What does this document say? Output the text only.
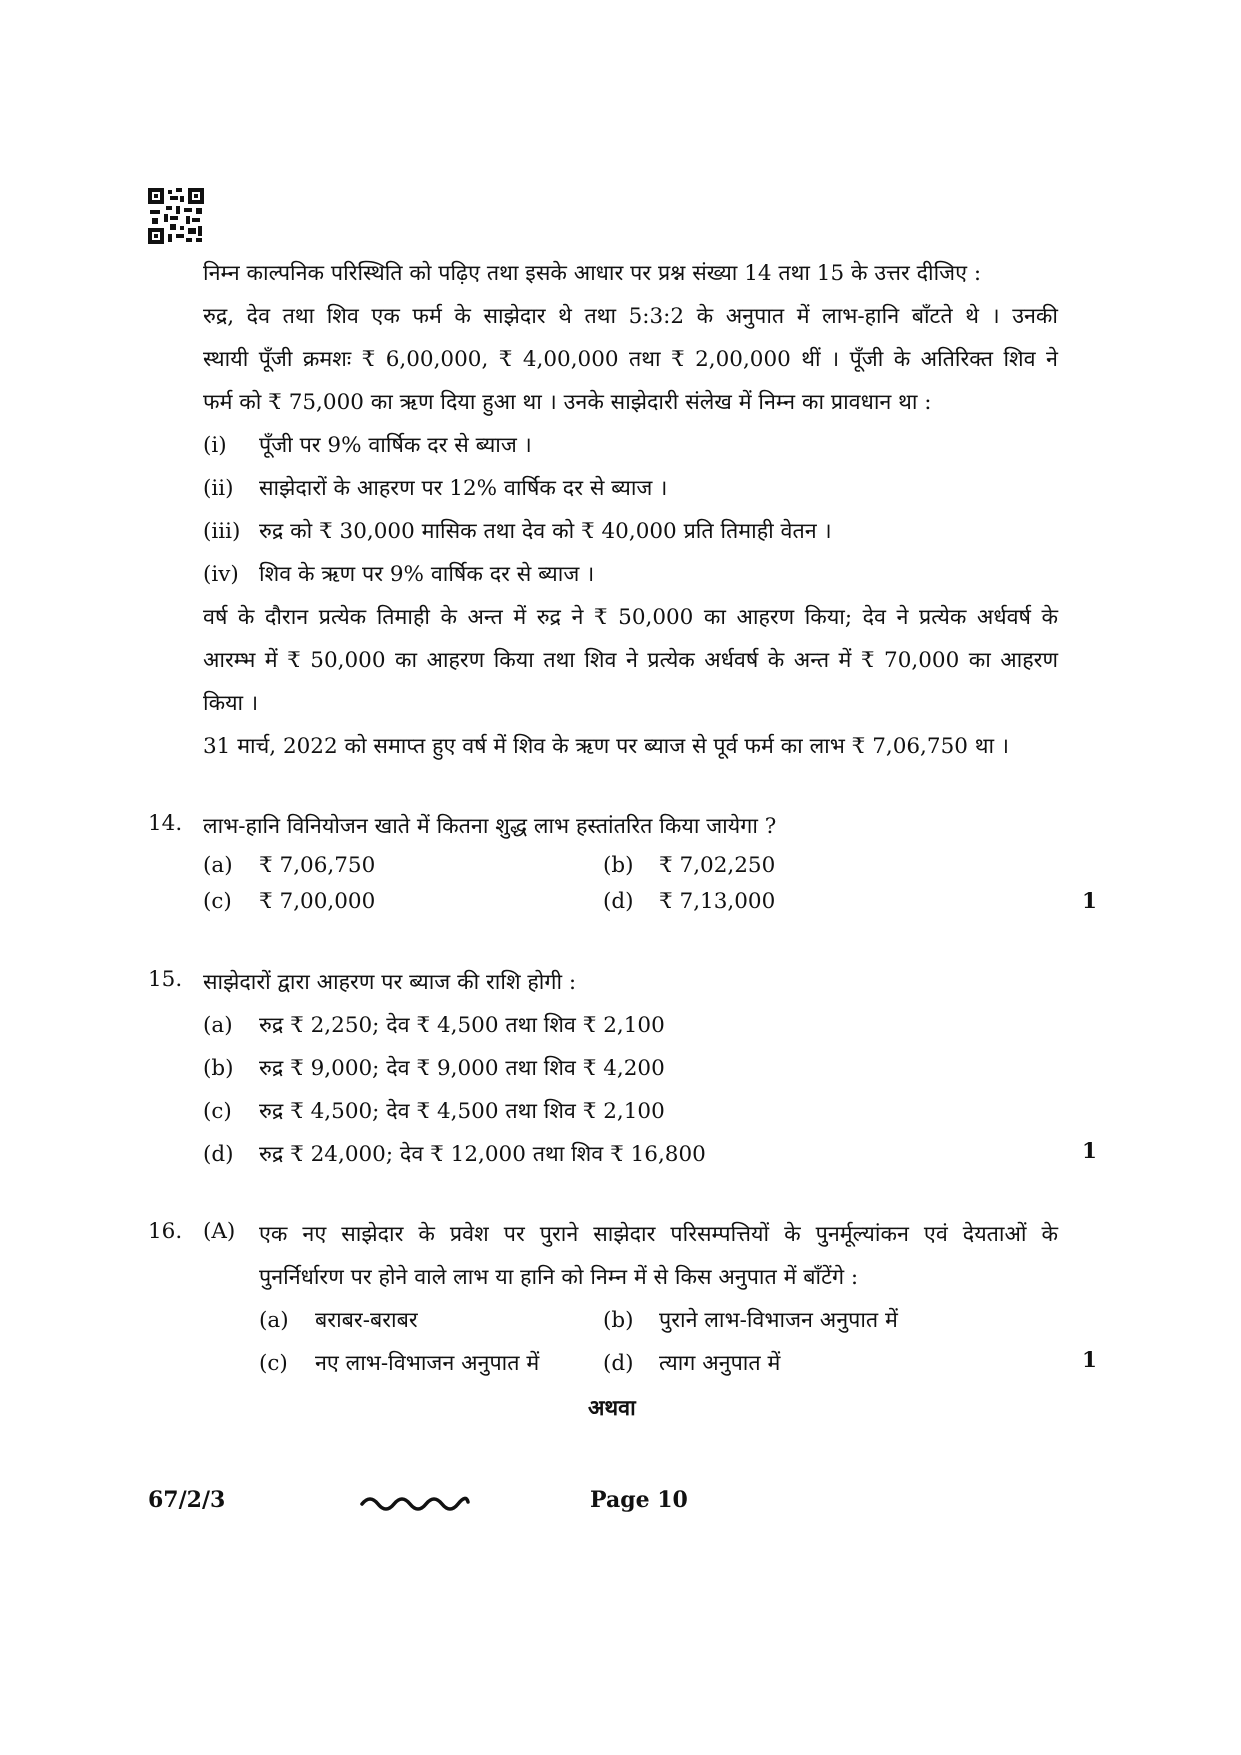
निम्न काल्पनिक परिस्थिति को पढ़िए तथा इसके आधार पर प्रश्न संख्या 14 तथा 15 के उत्तर दीजिए :
रुद्र, देव तथा शिव एक फर्म के साझेदार थे तथा 5:3:2 के अनुपात में लाभ-हानि बाँटते थे । उनकी
स्थायी पूँजी क्रमशः ₹ 6,00,000, ₹ 4,00,000 तथा ₹ 2,00,000 थीं । पूँजी के अतिरिक्त शिव ने
फर्म को ₹ 75,000 का ऋण दिया हुआ था । उनके साझेदारी संलेख में निम्न का प्रावधान था :
(i) पूँजी पर 9% वार्षिक दर से ब्याज ।
(ii) साझेदारों के आहरण पर 12% वार्षिक दर से ब्याज ।
(iii) रुद्र को ₹ 30,000 मासिक तथा देव को ₹ 40,000 प्रति तिमाही वेतन ।
(iv) शिव के ऋण पर 9% वार्षिक दर से ब्याज ।
वर्ष के दौरान प्रत्येक तिमाही के अन्त में रुद्र ने ₹ 50,000 का आहरण किया; देव ने प्रत्येक अर्धवर्ष के
आरम्भ में ₹ 50,000 का आहरण किया तथा शिव ने प्रत्येक अर्धवर्ष के अन्त में ₹ 70,000 का आहरण
किया ।
31 मार्च, 2022 को समाप्त हुए वर्ष में शिव के ऋण पर ब्याज से पूर्व फर्म का लाभ ₹ 7,06,750 था ।
14. लाभ-हानि विनियोजन खाते में कितना शुद्ध लाभ हस्तांतरित किया जायेगा ?
(a) ₹ 7,06,750	(b) ₹ 7,02,250
(c) ₹ 7,00,000	(d) ₹ 7,13,000	1
15. साझेदारों द्वारा आहरण पर ब्याज की राशि होगी :
(a) रुद्र ₹ 2,250; देव ₹ 4,500 तथा शिव ₹ 2,100
(b) रुद्र ₹ 9,000; देव ₹ 9,000 तथा शिव ₹ 4,200
(c) रुद्र ₹ 4,500; देव ₹ 4,500 तथा शिव ₹ 2,100
(d) रुद्र ₹ 24,000; देव ₹ 12,000 तथा शिव ₹ 16,800	1
16. (A) एक नए साझेदार के प्रवेश पर पुराने साझेदार परिसम्पत्तियों के पुनर्मूल्यांकन एवं देयताओं के
पुनर्निर्धारण पर होने वाले लाभ या हानि को निम्न में से किस अनुपात में बाँटेंगे :
(a) बराबर-बराबर	(b) पुराने लाभ-विभाजन अनुपात में
(c) नए लाभ-विभाजन अनुपात में	(d) त्याग अनुपात में	1
अथवा
67/2/3	Page 10
